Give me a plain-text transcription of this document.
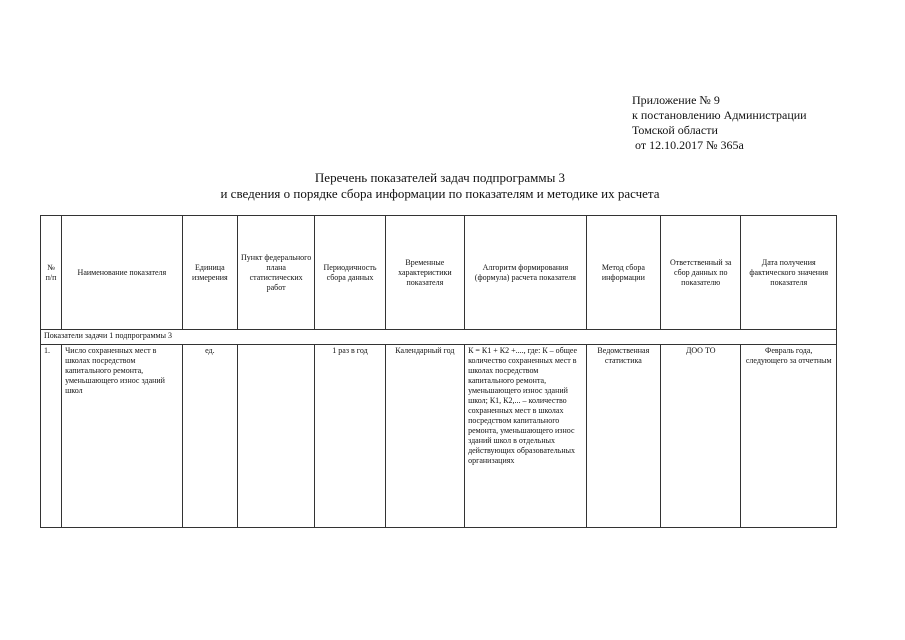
Приложение № 9
к постановлению Администрации
Томской области
от 12.10.2017 № 365а
Перечень показателей задач подпрограммы 3
и сведения о порядке сбора информации по показателям и методике их расчета
№ п/п	Наименование показателя	Единица измерения	Пункт федерального плана статистических работ	Периодичность сбора данных	Временные характеристики показателя	Алгоритм формирования (формула) расчета показателя	Метод сбора информации	Ответственный за сбор данных по показателю	Дата получения фактического значения показателя
Показатели задачи 1 подпрограммы 3									
1.	Число сохраненных мест в школах посредством капитального ремонта, уменьшающего износ зданий школ	ед.		1 раз в год	Календарный год	К = К1 + К2 +...., где: К – общее количество сохраненных мест в школах посредством капитального ремонта, уменьшающего износ зданий школ; К1, К2,... – количество сохраненных мест в школах посредством капитального ремонта, уменьшающего износ зданий школ в отдельных действующих образовательных организациях	Ведомственная статистика	ДОО ТО	Февраль года, следующего за отчетным
